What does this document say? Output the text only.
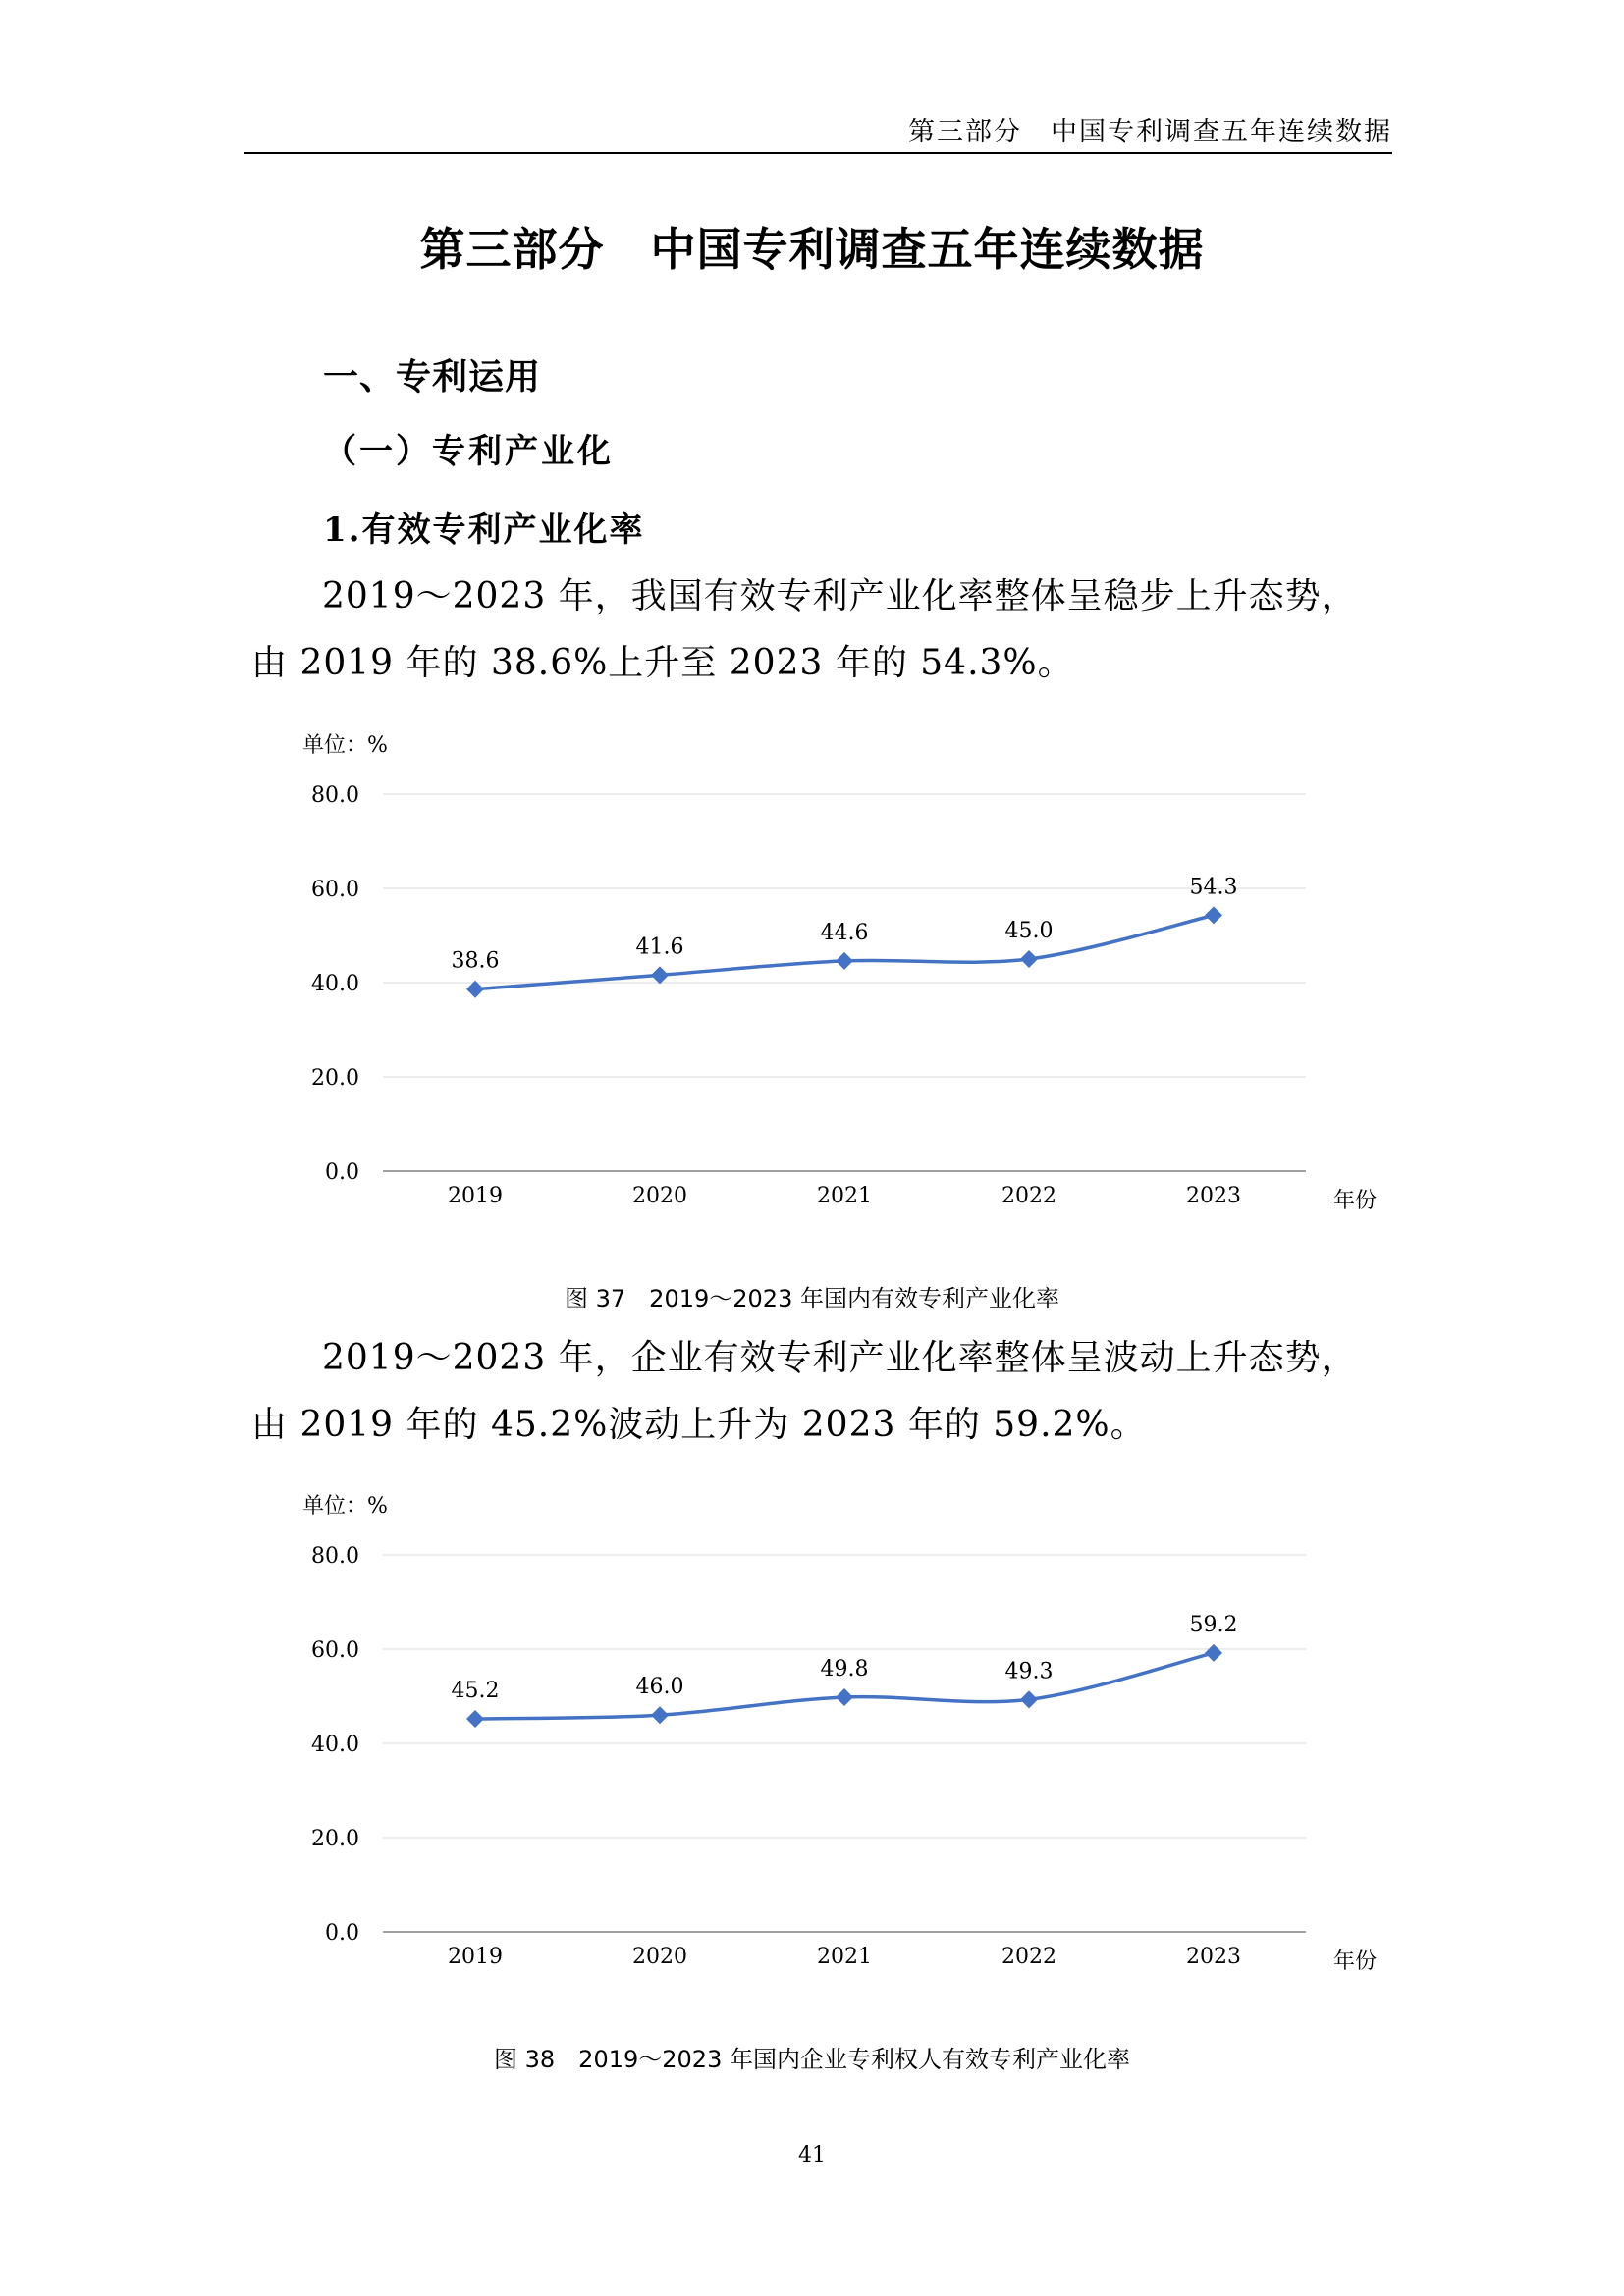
第三部分　中国专利调查五年连续数据
第三部分　中国专利调查五年连续数据
一、专利运用
（一）专利产业化
1.有效专利产业化率
2019～2023 年，我国有效专利产业化率整体呈稳步上升态势，由 2019 年的 38.6%上升至 2023 年的 54.3%。
单位：%
0.0
20.0
40.0
60.0
80.0
2019	2020	2021	2022	2023	年份
38.6
41.6
44.6	45.0
54.3
图 37　2019～2023 年国内有效专利产业化率
2019～2023 年，企业有效专利产业化率整体呈波动上升态势，由 2019 年的 45.2%波动上升为 2023 年的 59.2%。
单位：%
0.0
20.0
40.0
60.0
80.0
2019	2020	2021	2022	2023	年份
45.2	46.0
49.8	49.3
59.2
图 38　2019～2023 年国内企业专利权人有效专利产业化率
41
